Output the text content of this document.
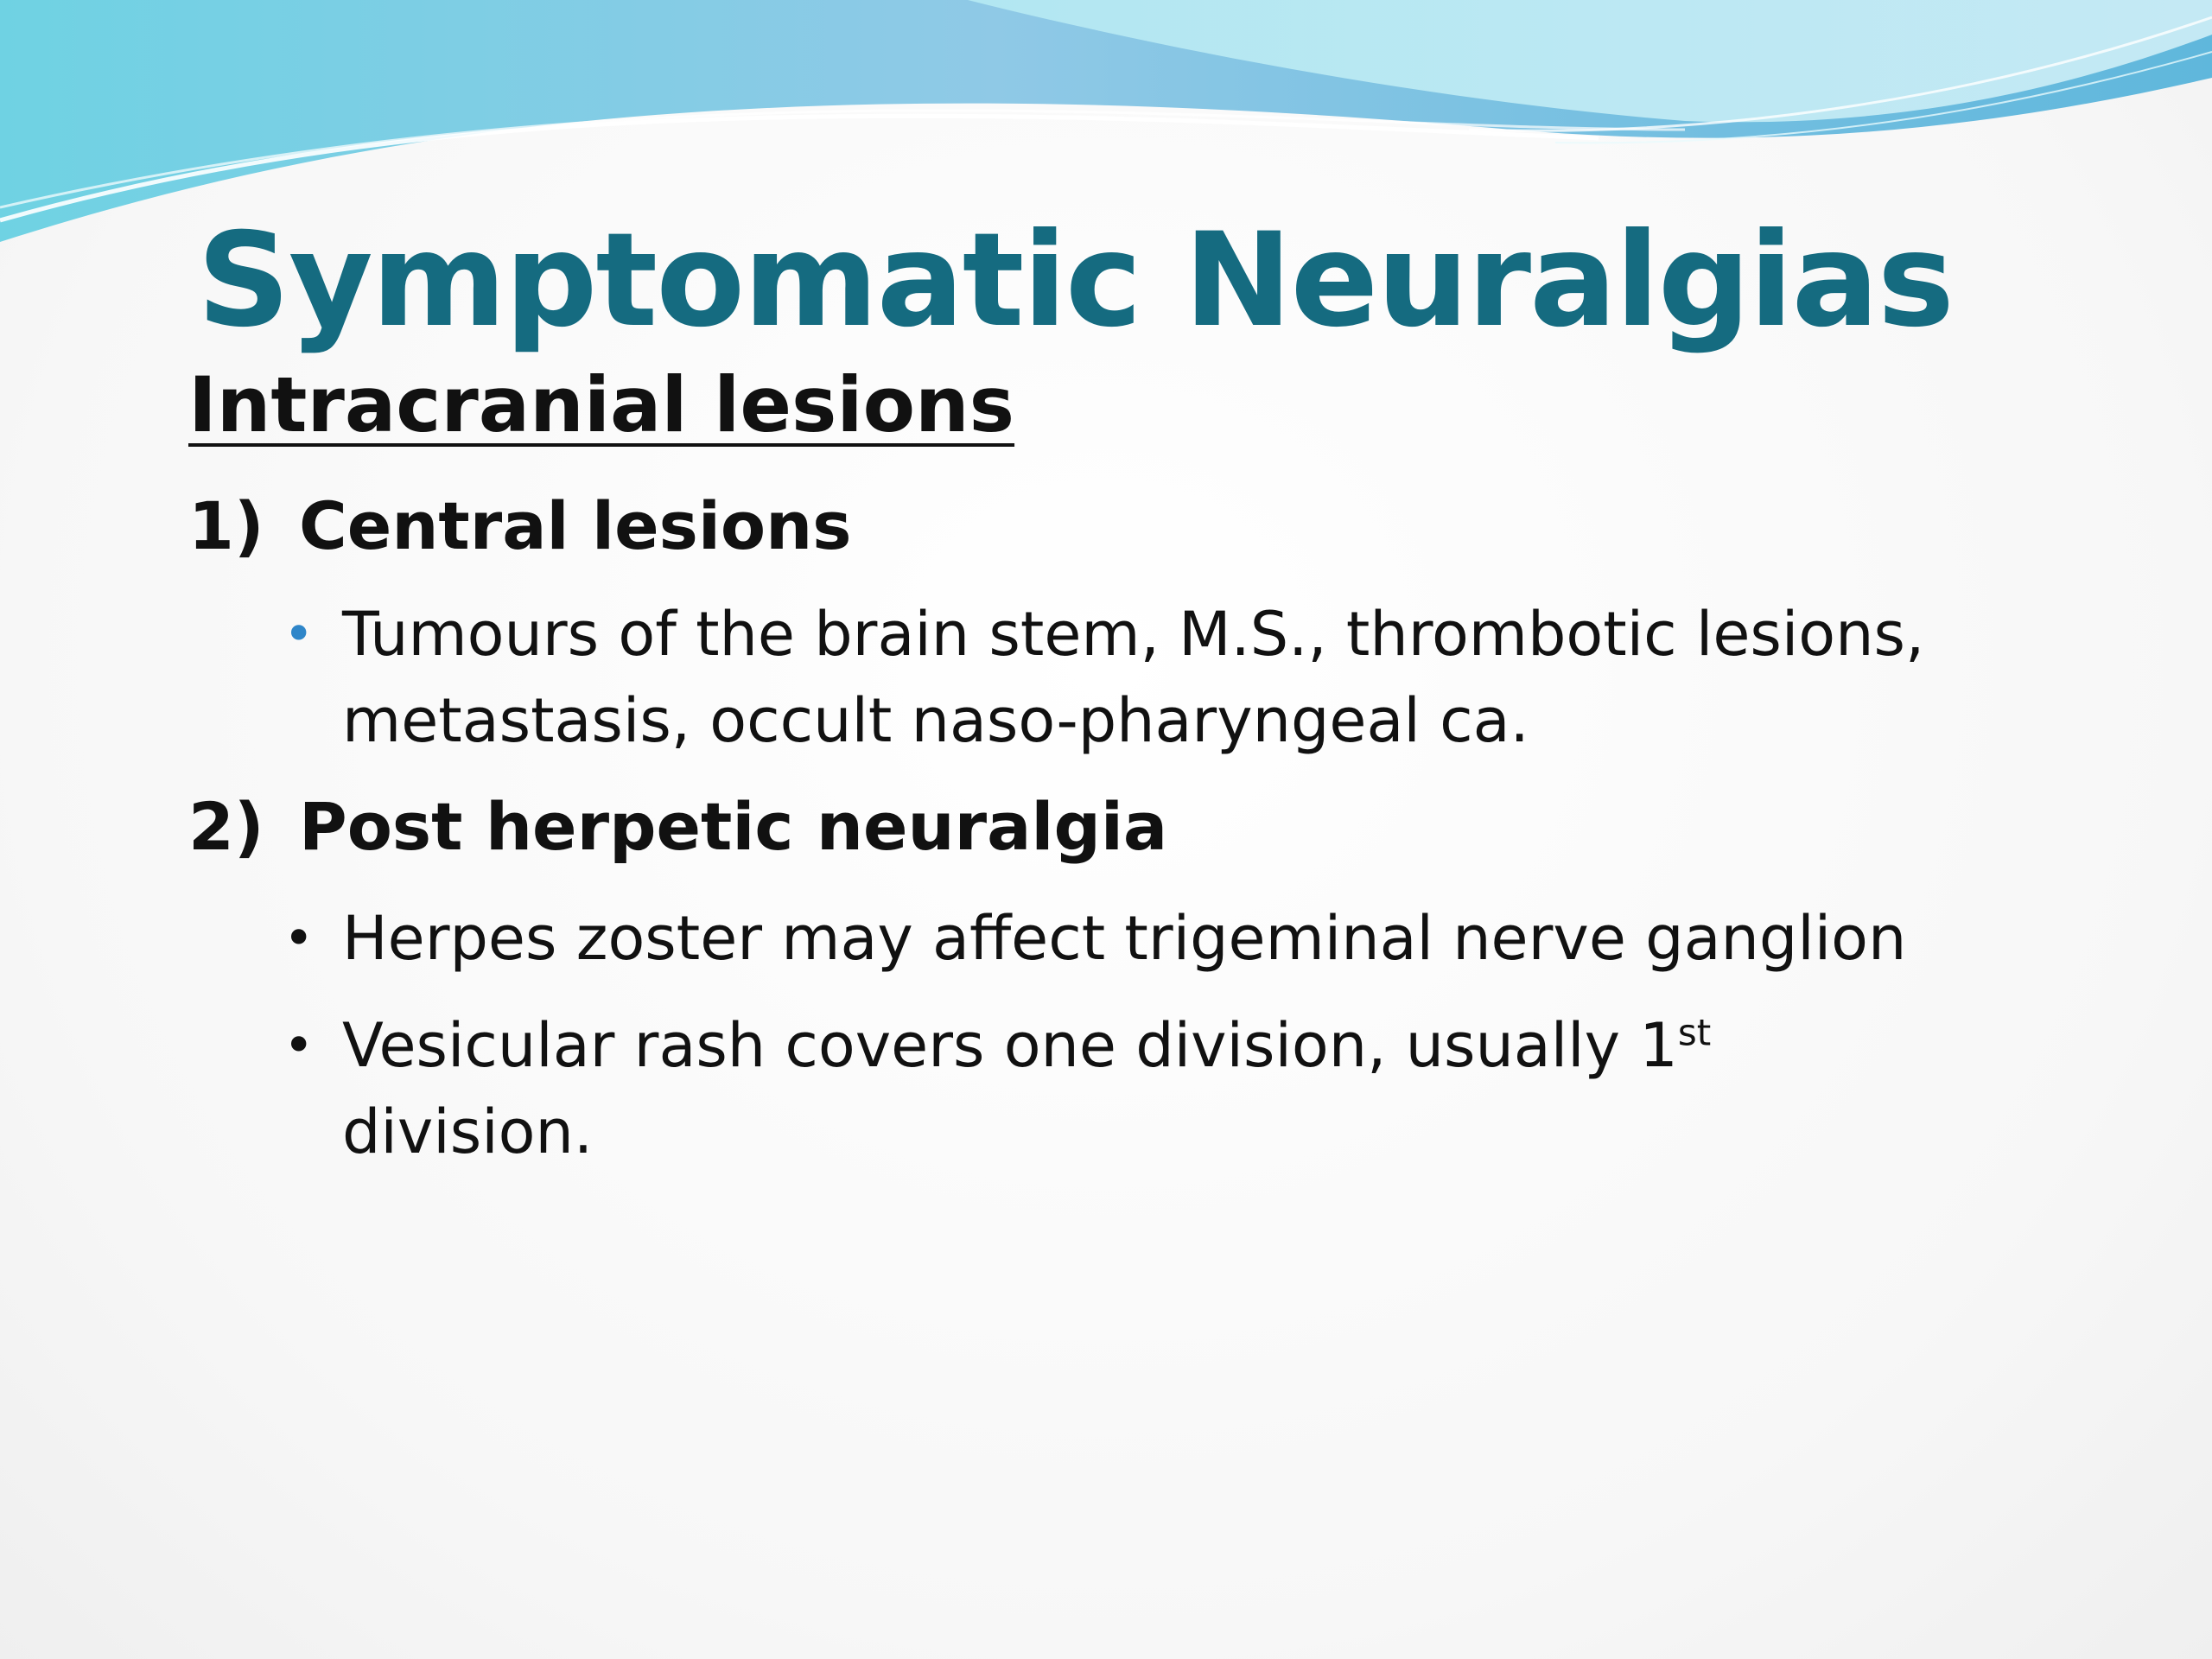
Symptomatic Neuralgias
Intracranial lesions
1) Central lesions
• Tumours of the brain stem, M.S., thrombotic lesions, metastasis, occult naso-pharyngeal ca.
2) Post herpetic neuralgia
• Herpes zoster may affect trigeminal nerve ganglion
• Vesicular rash covers one division, usually 1st
division.
